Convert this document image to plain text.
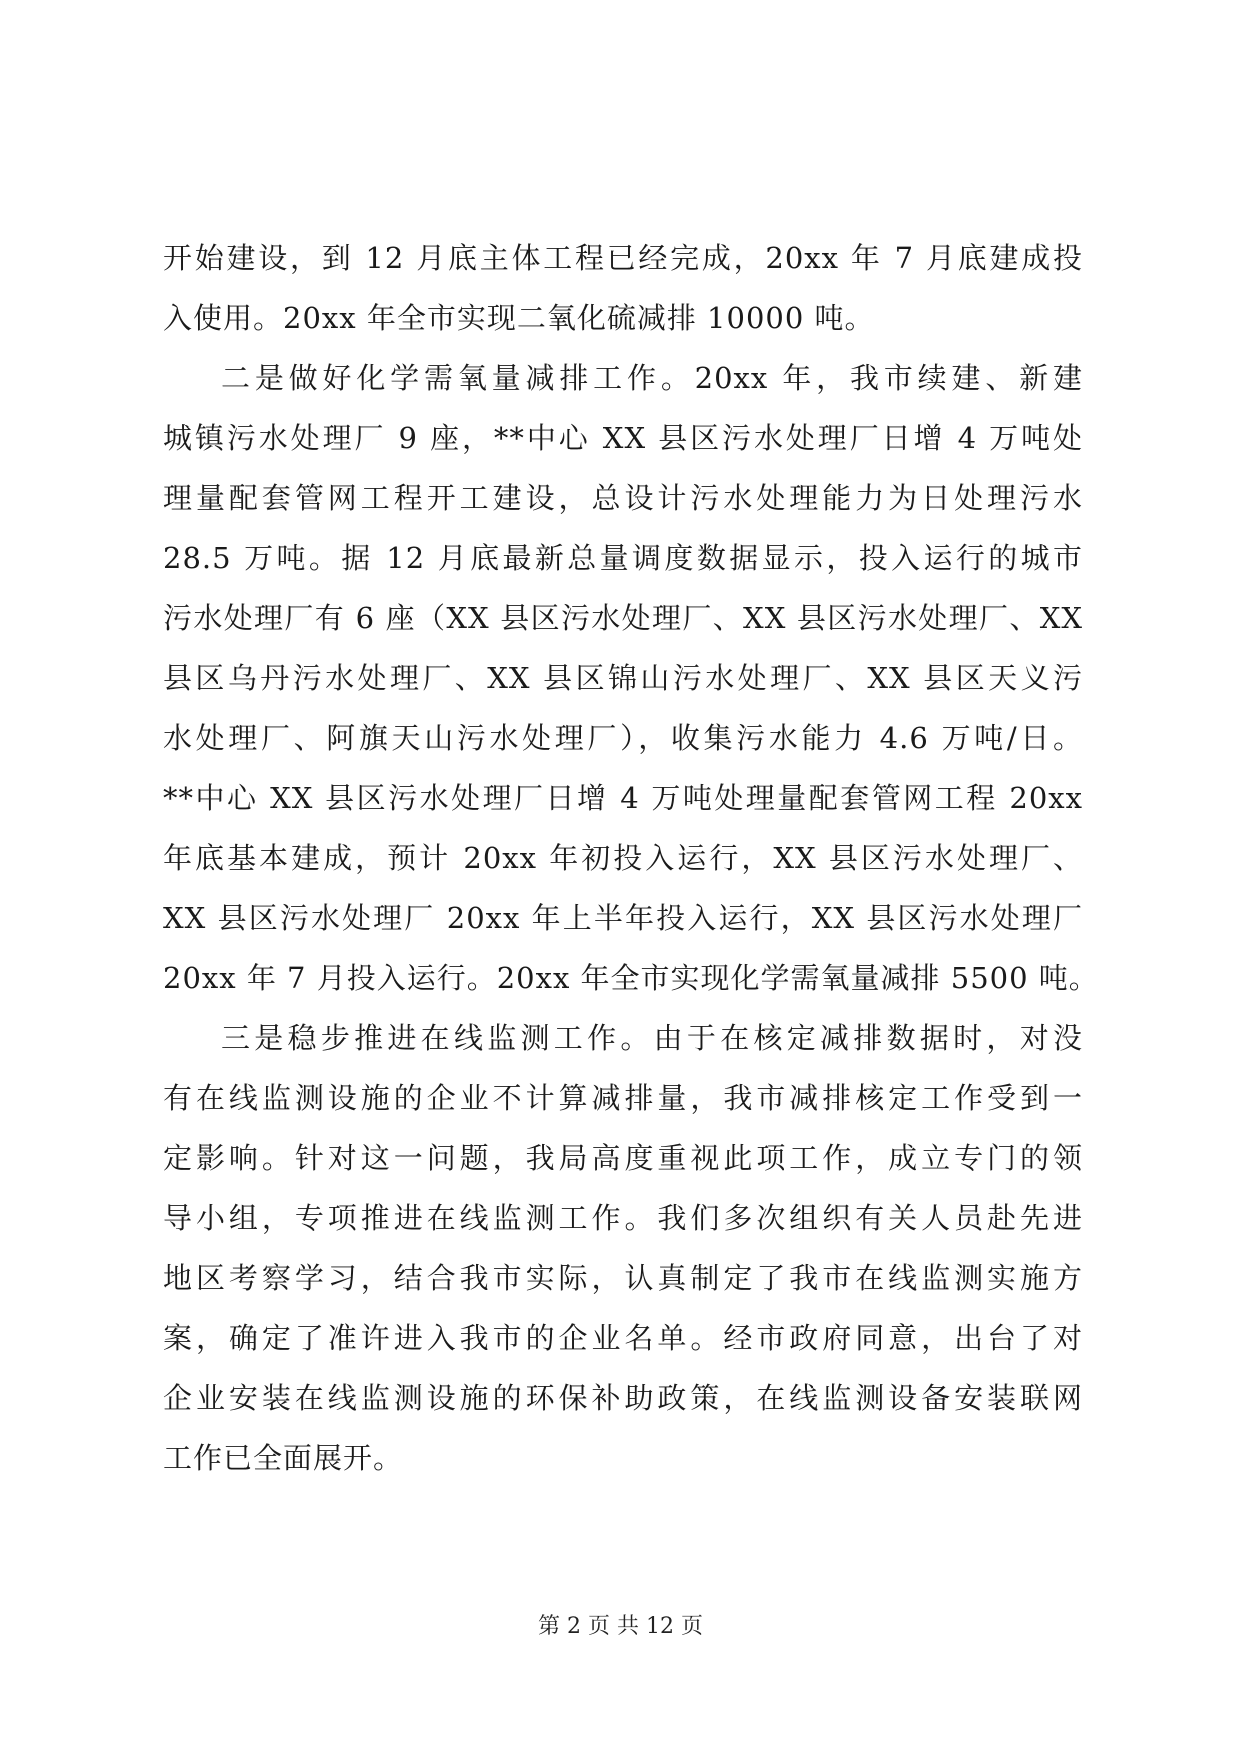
开始建设，到 12 月底主体工程已经完成，20xx 年 7 月底建成投
入使用。20xx 年全市实现二氧化硫减排 10000 吨。
二是做好化学需氧量减排工作。20xx 年，我市续建、新建
城镇污水处理厂 9 座，**中心 XX 县区污水处理厂日增 4 万吨处
理量配套管网工程开工建设，总设计污水处理能力为日处理污水
28.5 万吨。据 12 月底最新总量调度数据显示，投入运行的城市
污水处理厂有 6 座（XX 县区污水处理厂、XX 县区污水处理厂、XX
县区乌丹污水处理厂、XX 县区锦山污水处理厂、XX 县区天义污
水处理厂、阿旗天山污水处理厂），收集污水能力 4.6 万吨/日。
**中心 XX 县区污水处理厂日增 4 万吨处理量配套管网工程 20xx
年底基本建成，预计 20xx 年初投入运行，XX 县区污水处理厂、
XX 县区污水处理厂 20xx 年上半年投入运行，XX 县区污水处理厂
20xx 年 7 月投入运行。20xx 年全市实现化学需氧量减排 5500 吨。
三是稳步推进在线监测工作。由于在核定减排数据时，对没
有在线监测设施的企业不计算减排量，我市减排核定工作受到一
定影响。针对这一问题，我局高度重视此项工作，成立专门的领
导小组，专项推进在线监测工作。我们多次组织有关人员赴先进
地区考察学习，结合我市实际，认真制定了我市在线监测实施方
案，确定了准许进入我市的企业名单。经市政府同意，出台了对
企业安装在线监测设施的环保补助政策，在线监测设备安装联网
工作已全面展开。
第 2 页 共 12 页
